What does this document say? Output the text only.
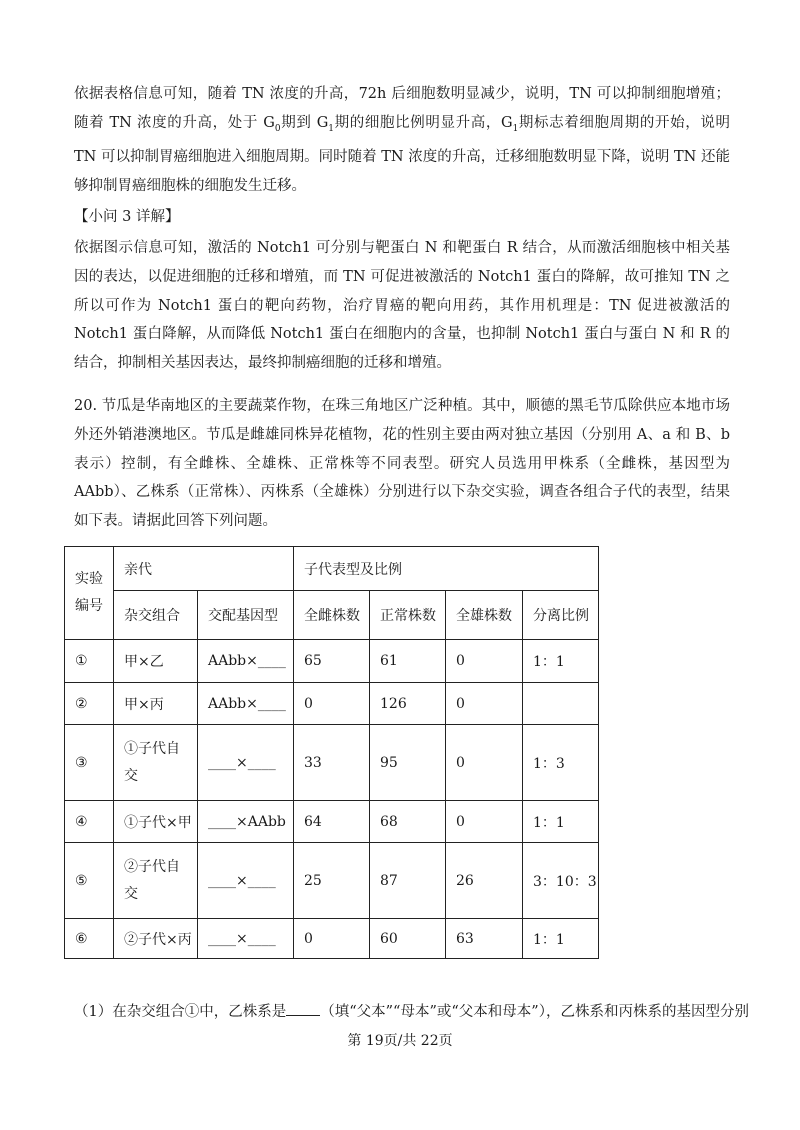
依据表格信息可知，随着 TN 浓度的升高，72h 后细胞数明显减少，说明，TN 可以抑制细胞增殖；随着 TN 浓度的升高，处于 $G_0$期到 $G_1$期的细胞比例明显升高，$G_1$期标志着细胞周期的开始，说明 TN 可以抑制胃癌细胞进入细胞周期。同时随着 TN 浓度的升高，迁移细胞数明显下降，说明 TN 还能够抑制胃癌细胞株的细胞发生迁移。
【小问 3 详解】
依据图示信息可知，激活的 Notch1 可分别与靶蛋白 N 和靶蛋白 R 结合，从而激活细胞核中相关基因的表达，以促进细胞的迁移和增殖，而 TN 可促进被激活的 Notch1 蛋白的降解，故可推知 TN 之所以可作为 Notch1 蛋白的靶向药物，治疗胃癌的靶向用药，其作用机理是：TN 促进被激活的 Notch1 蛋白降解，从而降低 Notch1 蛋白在细胞内的含量，也抑制 Notch1 蛋白与蛋白 N 和 R 的结合，抑制相关基因表达，最终抑制癌细胞的迁移和增殖。
20. 节瓜是华南地区的主要蔬菜作物，在珠三角地区广泛种植。其中，顺德的黑毛节瓜除供应本地市场外还外销港澳地区。节瓜是雌雄同株异花植物，花的性别主要由两对独立基因（分别用 A、a 和 B、b 表示）控制，有全雌株、全雄株、正常株等不同表型。研究人员选用甲株系（全雌株，基因型为 AAbb）、乙株系（正常株）、丙株系（全雄株）分别进行以下杂交实验，调查各组合子代的表型，结果如下表。请据此回答下列问题。
实验编号	亲代		子代表型及比例			
	杂交组合	交配基因型	全雌株数	正常株数	全雄株数	分离比例
①	甲×乙	AAbb×____	65	61	0	1：1
②	甲×丙	AAbb×____	0	126	0	
③	①子代自交	____×____	33	95	0	1：3
④	①子代×甲	____×AAbb	64	68	0	1：1
⑤	②子代自交	____×____	25	87	26	3：10：3
⑥	②子代×丙	____×____	0	60	63	1：1
（1）在杂交组合①中，乙株系是 （填“父本”“母本”或“父本和母本”），乙株系和丙株系的基因型分别
第 19页/共 22页
